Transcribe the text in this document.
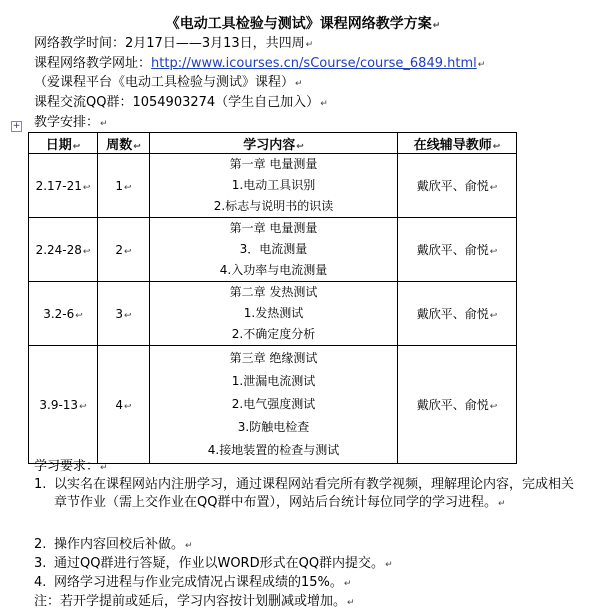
《电动工具检验与测试》课程网络教学方案↵
网络教学时间：2月17日——3月13日，共四周↵
课程网络教学网址：http://www.icourses.cn/sCourse/course_6849.html↵
（爱课程平台《电动工具检验与测试》课程）↵
课程交流QQ群：1054903274（学生自己加入）↵
+ 教学安排：↵
日期↩	周数↩	学习内容↩	在线辅导教师↩
2.17-21↩	1↩	第一章 电量测量
1.电动工具识别
2.标志与说明书的识读	戴欣平、俞悦↩
2.24-28↩	2↩	第一章 电量测量
3．电流测量
4.入功率与电流测量	戴欣平、俞悦↩
3.2-6↩	3↩	第二章 发热测试
1.发热测试
2.不确定度分析	戴欣平、俞悦↩
3.9-13↩	4↩	第三章 绝缘测试
1.泄漏电流测试
2.电气强度测试
3.防触电检查
4.接地装置的检查与测试	戴欣平、俞悦↩
学习要求：↵
1. 以实名在课程网站内注册学习，通过课程网站看完所有教学视频，理解理论内容，完成相关章节作业（需上交作业在QQ群中布置），网站后台统计每位同学的学习进程。↵
2. 操作内容回校后补做。↵
3. 通过QQ群进行答疑，作业以WORD形式在QQ群内提交。↵
4. 网络学习进程与作业完成情况占课程成绩的15%。↵
注：若开学提前或延后，学习内容按计划删减或增加。↵
